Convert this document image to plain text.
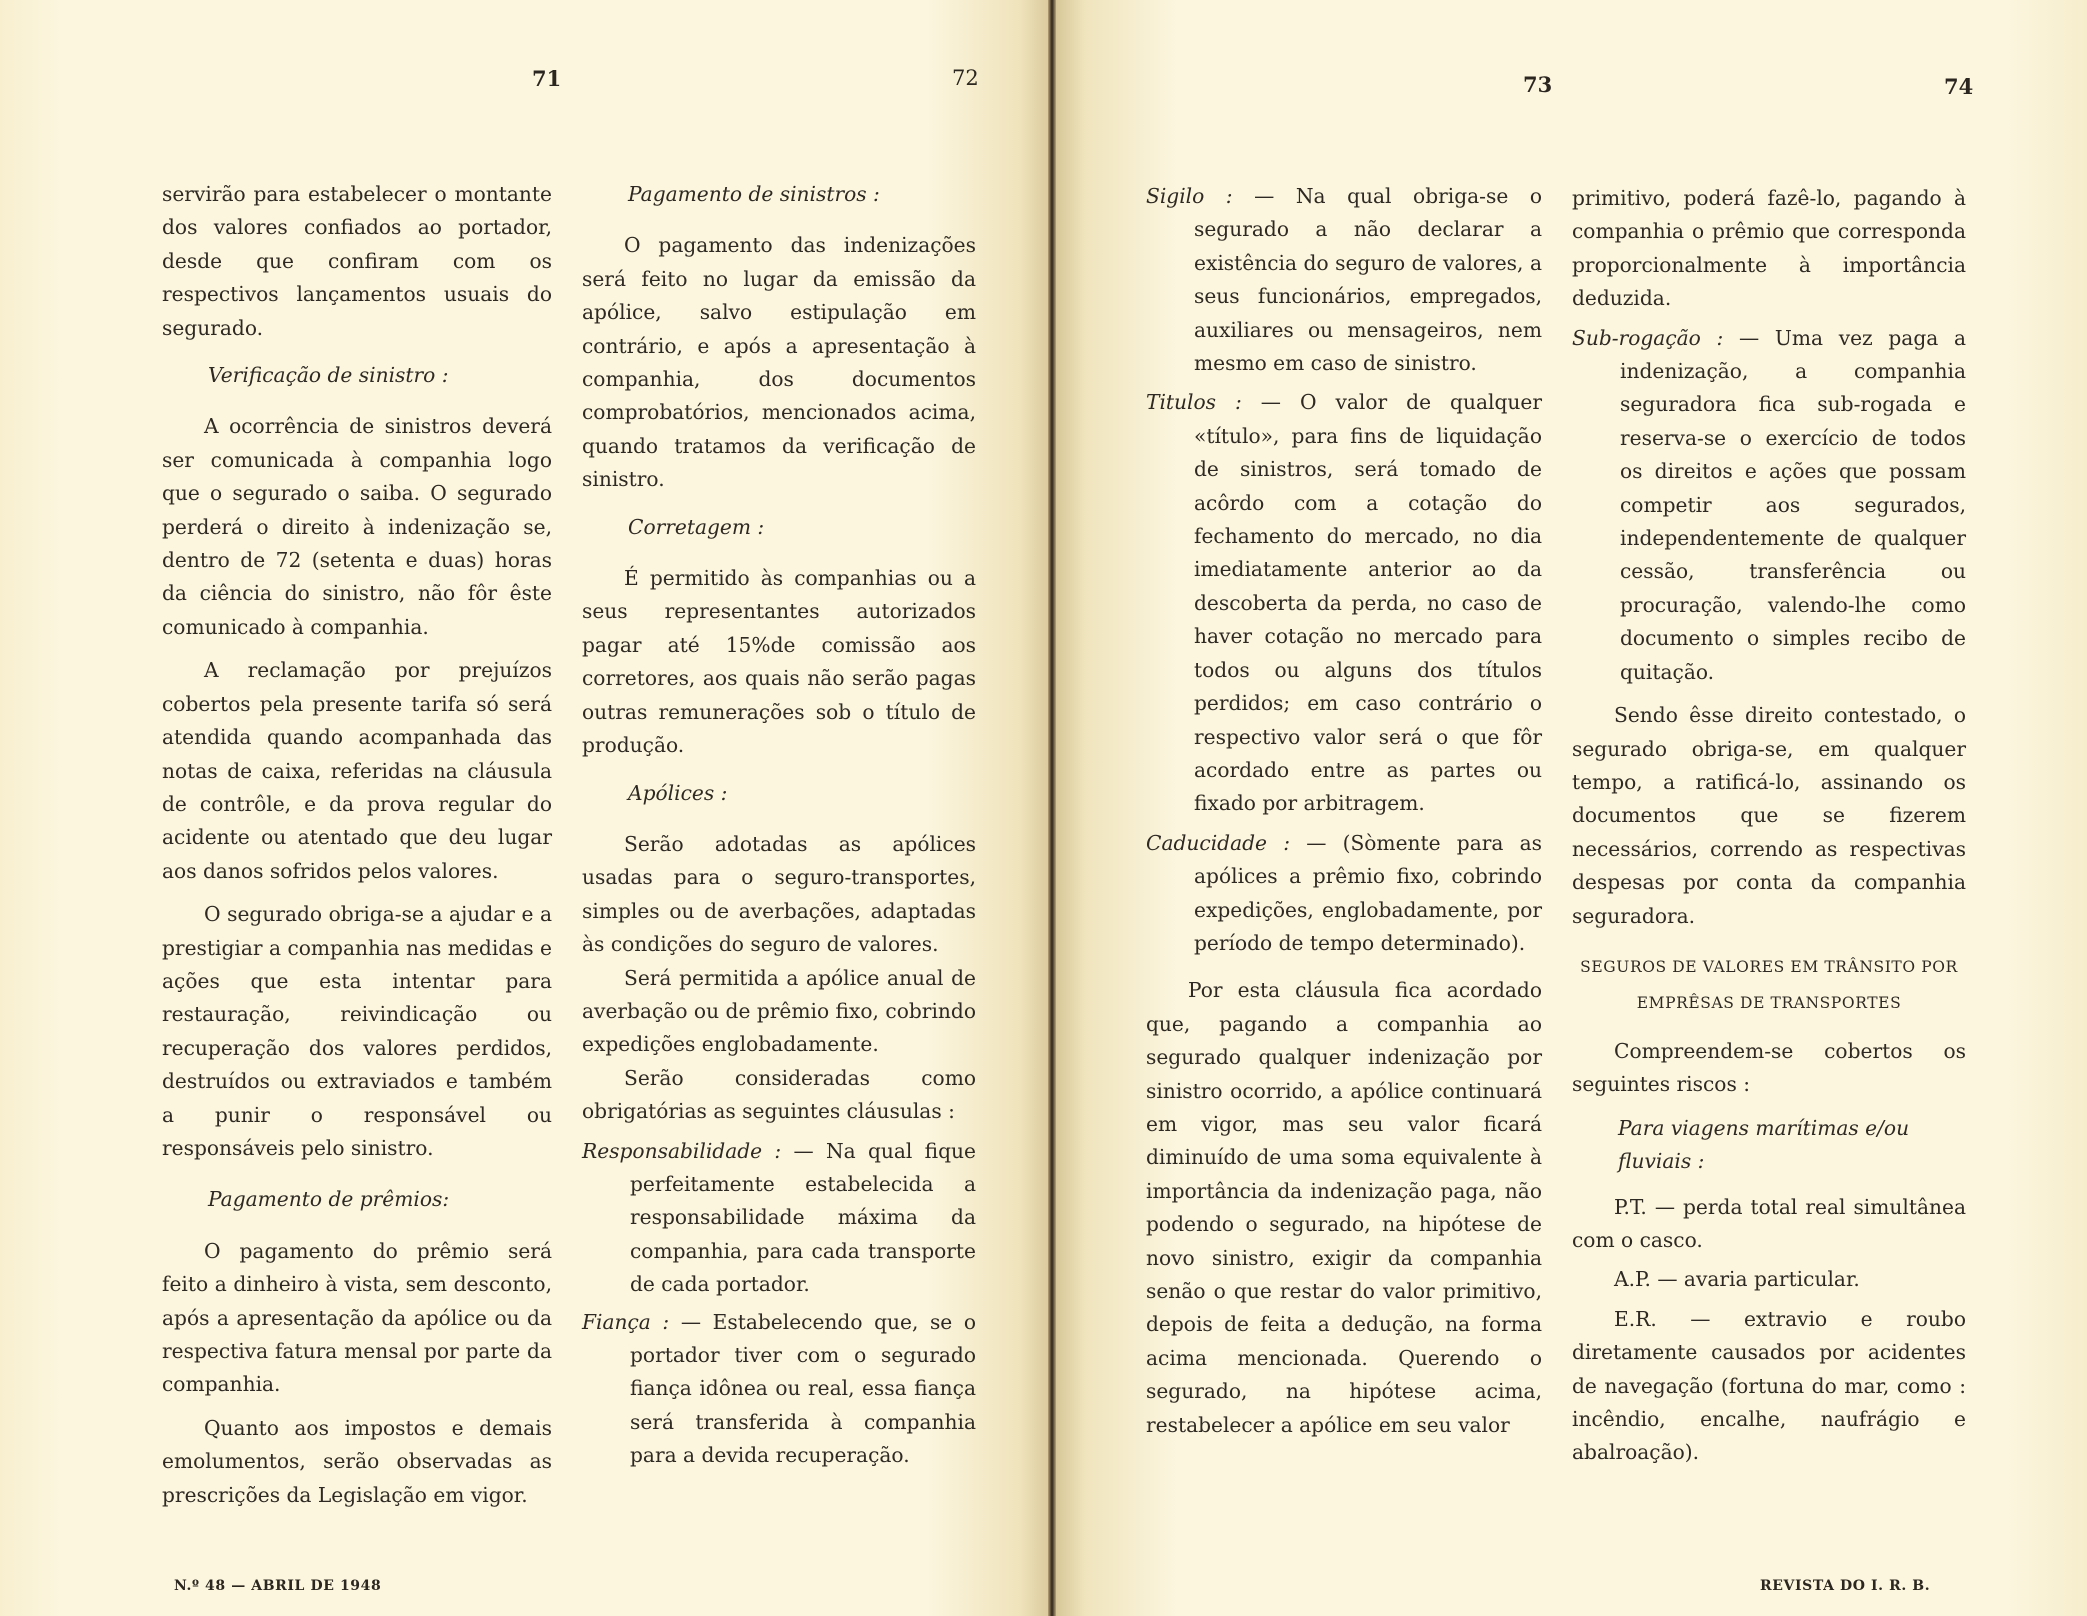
71	72	73	74

servirão para estabelecer o montante dos valores confiados ao portador, desde que confiram com os respectivos lançamentos usuais do segurado.

Verificação de sinistro :

A ocorrência de sinistros deverá ser comunicada à companhia logo que o segurado o saiba. O segurado perderá o direito à indenização se, dentro de 72 (setenta e duas) horas da ciência do sinistro, não fôr êste comunicado à companhia.

A reclamação por prejuízos cobertos pela presente tarifa só será atendida quando acompanhada das notas de caixa, referidas na cláusula de contrôle, e da prova regular do acidente ou atentado que deu lugar aos danos sofridos pelos valores.

O segurado obriga-se a ajudar e a prestigiar a companhia nas medidas e ações que esta intentar para restauração, reivindicação ou recuperação dos valores perdidos, destruídos ou extraviados e também a punir o responsável ou responsáveis pelo sinistro.

Pagamento de prêmios:

O pagamento do prêmio será feito a dinheiro à vista, sem desconto, após a apresentação da apólice ou da respectiva fatura mensal por parte da companhia.

Quanto aos impostos e demais emolumentos, serão observadas as prescrições da Legislação em vigor.

Pagamento de sinistros :

O pagamento das indenizações será feito no lugar da emissão da apólice, salvo estipulação em contrário, e após a apresentação à companhia, dos documentos comprobatórios, mencionados acima, quando tratamos da verificação de sinistro.

Corretagem :

É permitido às companhias ou a seus representantes autorizados pagar até 15%de comissão aos corretores, aos quais não serão pagas outras remunerações sob o título de produção.

Apólices :

Serão adotadas as apólices usadas para o seguro-transportes, simples ou de averbações, adaptadas às condições do seguro de valores.

Será permitida a apólice anual de averbação ou de prêmio fixo, cobrindo expedições englobadamente.

Serão consideradas como obrigatórias as seguintes cláusulas :

Responsabilidade : — Na qual fique perfeitamente estabelecida a responsabilidade máxima da companhia, para cada transporte de cada portador.

Fiança : — Estabelecendo que, se o portador tiver com o segurado fiança idônea ou real, essa fiança será transferida à companhia para a devida recuperação.

Sigilo : — Na qual obriga-se o segurado a não declarar a existência do seguro de valores, a seus funcionários, empregados, auxiliares ou mensageiros, nem mesmo em caso de sinistro.

Titulos : — O valor de qualquer «título», para fins de liquidação de sinistros, será tomado de acôrdo com a cotação do fechamento do mercado, no dia imediatamente anterior ao da descoberta da perda, no caso de haver cotação no mercado para todos ou alguns dos títulos perdidos; em caso contrário o respectivo valor será o que fôr acordado entre as partes ou fixado por arbitragem.

Caducidade : — (Sòmente para as apólices a prêmio fixo, cobrindo expedições, englobadamente, por período de tempo determinado).

Por esta cláusula fica acordado que, pagando a companhia ao segurado qualquer indenização por sinistro ocorrido, a apólice continuará em vigor, mas seu valor ficará diminuído de uma soma equivalente à importância da indenização paga, não podendo o segurado, na hipótese de novo sinistro, exigir da companhia senão o que restar do valor primitivo, depois de feita a dedução, na forma acima mencionada. Querendo o segurado, na hipótese acima, restabelecer a apólice em seu valor

primitivo, poderá fazê-lo, pagando à companhia o prêmio que corresponda proporcionalmente à importância deduzida.

Sub-rogação : — Uma vez paga a indenização, a companhia seguradora fica sub-rogada e reserva-se o exercício de todos os direitos e ações que possam competir aos segurados, independentemente de qualquer cessão, transferência ou procuração, valendo-lhe como documento o simples recibo de quitação.

Sendo êsse direito contestado, o segurado obriga-se, em qualquer tempo, a ratificá-lo, assinando os documentos que se fizerem necessários, correndo as respectivas despesas por conta da companhia seguradora.

SEGUROS DE VALORES EM TRÂNSITO POR EMPRÊSAS DE TRANSPORTES

Compreendem-se cobertos os seguintes riscos :

Para viagens marítimas e/ou fluviais :

P.T. — perda total real simultânea com o casco.

A.P. — avaria particular.

E.R. — extravio e roubo diretamente causados por acidentes de navegação (fortuna do mar, como : incêndio, encalhe, naufrágio e abalroação).

N.º 48 — ABRIL DE 1948	REVISTA DO I. R. B.
